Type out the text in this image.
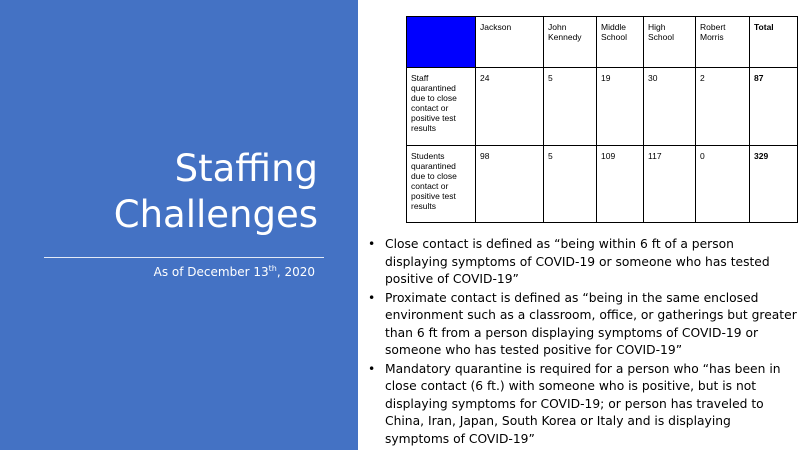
Staffing
Challenges
As of December 13th, 2020
	Jackson	John Kennedy	Middle School	High School	Robert Morris	Total
Staff quarantined due to close contact or positive test results	24	5	19	30	2	87
Students quarantined due to close contact or positive test results	98	5	109	117	0	329
• Close contact is defined as “being within 6 ft of a person displaying symptoms of COVID-19 or someone who has tested positive of COVID-19”
• Proximate contact is defined as “being in the same enclosed environment such as a classroom, office, or gatherings but greater than 6 ft from a person displaying symptoms of COVID-19 or someone who has tested positive for COVID-19”
• Mandatory quarantine is required for a person who “has been in close contact (6 ft.) with someone who is positive, but is not displaying symptoms for COVID-19; or person has traveled to China, Iran, Japan, South Korea or Italy and is displaying symptoms of COVID-19”
